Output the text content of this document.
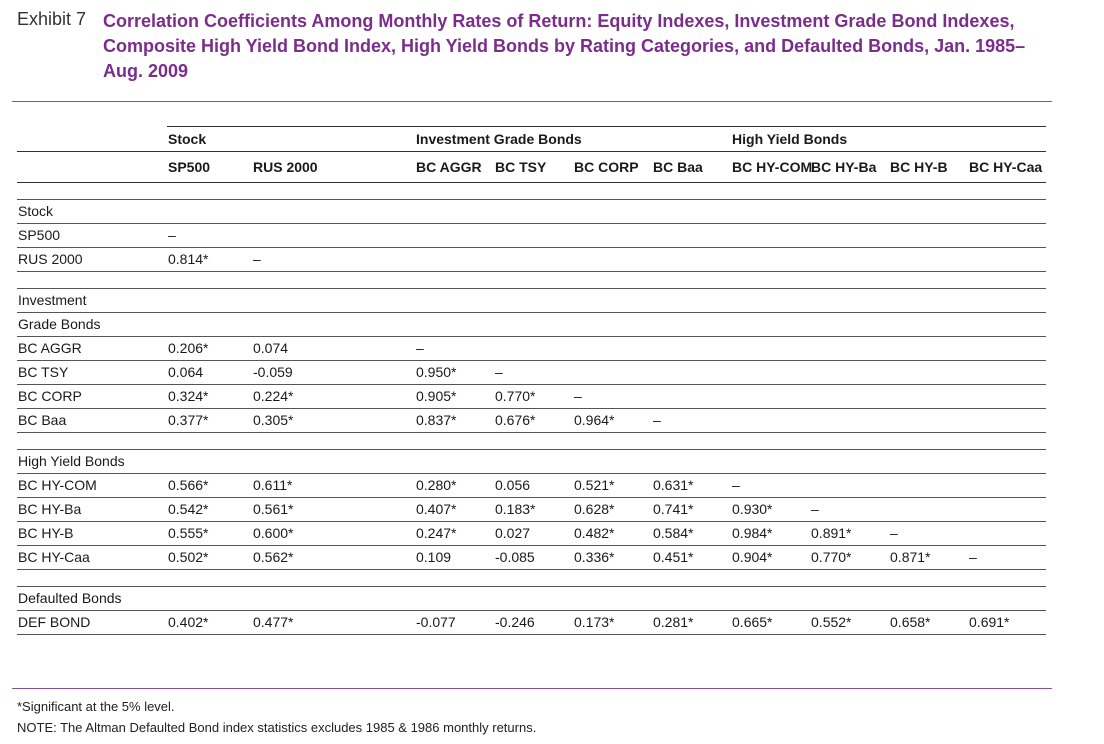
Exhibit 7 Correlation Coefficients Among Monthly Rates of Return: Equity Indexes, Investment Grade Bond Indexes, Composite High Yield Bond Index, High Yield Bonds by Rating Categories, and Defaulted Bonds, Jan. 1985–Aug. 2009
	Stock		Investment Grade Bonds				High Yield Bonds			
	SP500	RUS 2000	BC AGGR	BC TSY	BC CORP	BC Baa	BC HY-COM	BC HY-Ba	BC HY-B	BC HY-Caa

Stock										
SP500	–									
RUS 2000	0.814*	–								

Investment										
Grade Bonds										
BC AGGR	0.206*	0.074	–							
BC TSY	0.064	-0.059	0.950*	–						
BC CORP	0.324*	0.224*	0.905*	0.770*	–					
BC Baa	0.377*	0.305*	0.837*	0.676*	0.964*	–				

High Yield Bonds										
BC HY-COM	0.566*	0.611*	0.280*	0.056	0.521*	0.631*	–			
BC HY-Ba	0.542*	0.561*	0.407*	0.183*	0.628*	0.741*	0.930*	–		
BC HY-B	0.555*	0.600*	0.247*	0.027	0.482*	0.584*	0.984*	0.891*	–	
BC HY-Caa	0.502*	0.562*	0.109	-0.085	0.336*	0.451*	0.904*	0.770*	0.871*	–

Defaulted Bonds										
DEF BOND	0.402*	0.477*	-0.077	-0.246	0.173*	0.281*	0.665*	0.552*	0.658*	0.691*
*Significant at the 5% level.
NOTE: The Altman Defaulted Bond index statistics excludes 1985 & 1986 monthly returns.
